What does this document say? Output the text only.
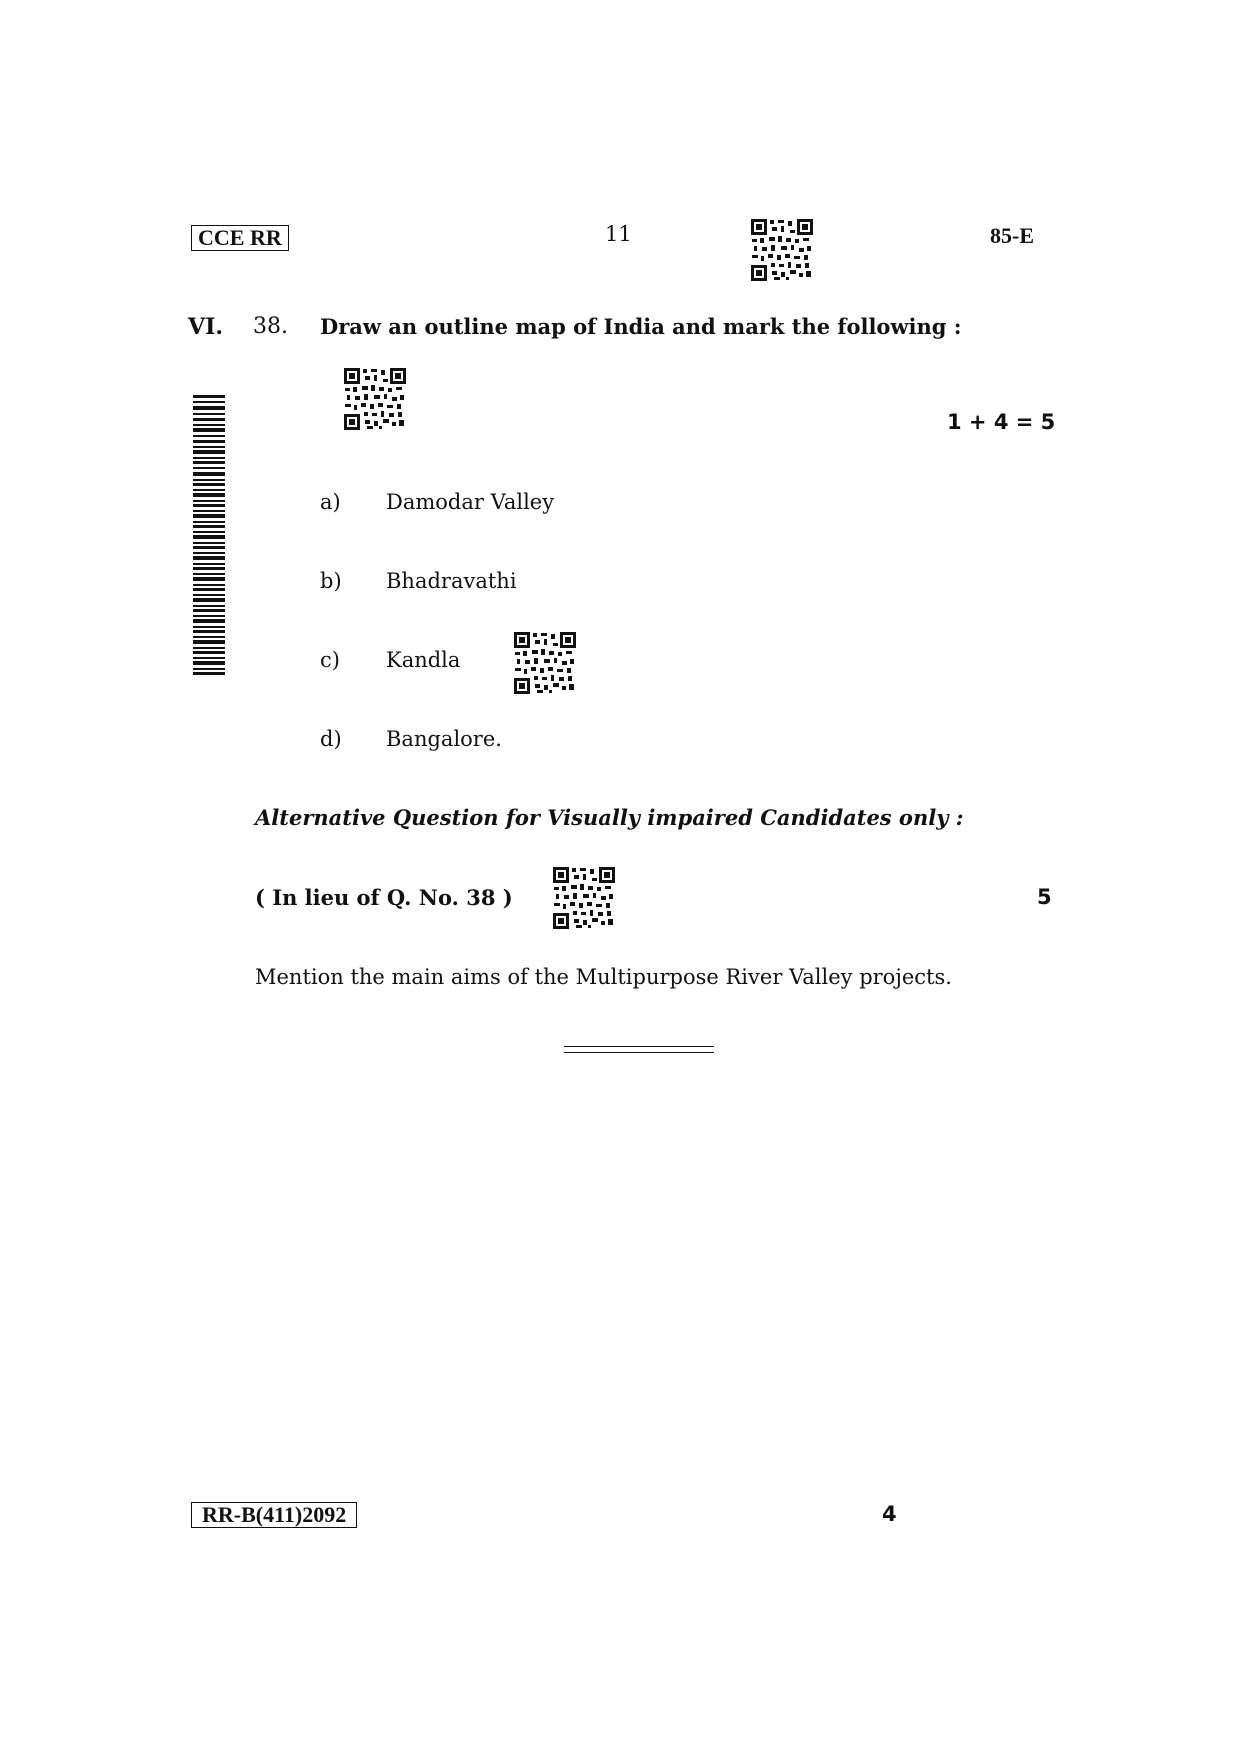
CCE RR	11	85-E
VI. 38. Draw an outline map of India and mark the following :
1 + 4 = 5
a) Damodar Valley
b) Bhadravathi
c) Kandla
d) Bangalore.
Alternative Question for Visually impaired Candidates only :
( In lieu of Q. No. 38 )	5
Mention the main aims of the Multipurpose River Valley projects.
RR-B(411)2092	4
